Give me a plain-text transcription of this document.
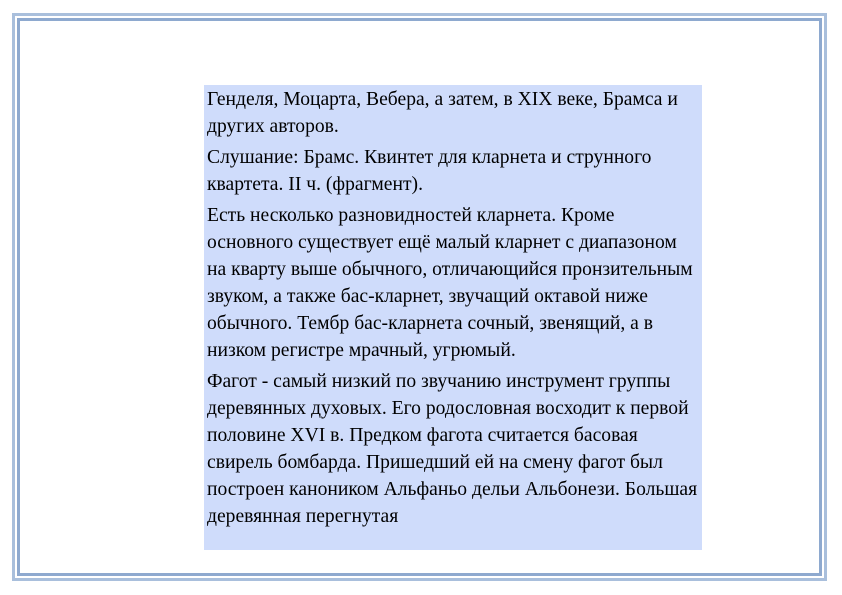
Генделя, Моцарта, Вебера, а затем, в XIX веке, Брамса и других авторов.

Слушание: Брамс. Квинтет для кларнета и струнного квартета. II ч. (фрагмент).

Есть несколько разновидностей кларнета. Кроме основного существует ещё малый кларнет с диапазоном на кварту выше обычного, отличающийся пронзительным звуком, а также бас-кларнет, звучащий октавой ниже обычного. Тембр бас-кларнета сочный, звенящий, а в низком регистре мрачный, угрюмый.

Фагот - самый низкий по звучанию инструмент группы деревянных духовых. Его родословная восходит к первой половине XVI в. Предком фагота считается басовая свирель бомбарда. Пришедший ей на смену фагот был построен каноником Альфаньо дельи Альбонези. Большая деревянная перегнутая
